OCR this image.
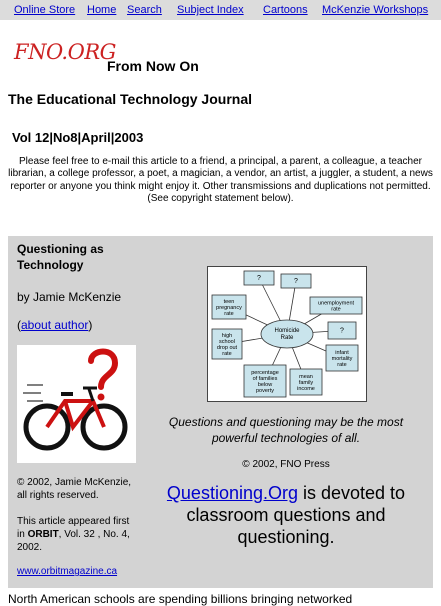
Online Store Home Search Subject Index Cartoons McKenzie Workshops
FNO.ORG
From Now On
The Educational Technology Journal
Vol 12|No8|April|2003
Please feel free to e-mail this article to a friend, a principal, a parent, a colleague, a teacher librarian, a college professor, a poet, a magician, a vendor, an artist, a juggler, a student, a news reporter or anyone you think might enjoy it. Other transmissions and duplications not permitted. (See copyright statement below).
Questioning as Technology
by Jamie McKenzie
(about author)
© 2002, Jamie McKenzie, all rights reserved.
This article appeared first in ORBIT, Vol. 32 , No. 4, 2002.
www.orbitmagazine.ca
Homicide
Rate
?	?
teen
pregnancy
rate
unemployment
rate
?
high
school
drop out
rate	infant
mortality
rate
percentage
of families
below
poverty
mean
family
income
Questions and questioning may be the most powerful technologies of all.
© 2002, FNO Press
Questioning.Org is devoted to classroom questions and questioning.
North American schools are spending billions bringing networked
